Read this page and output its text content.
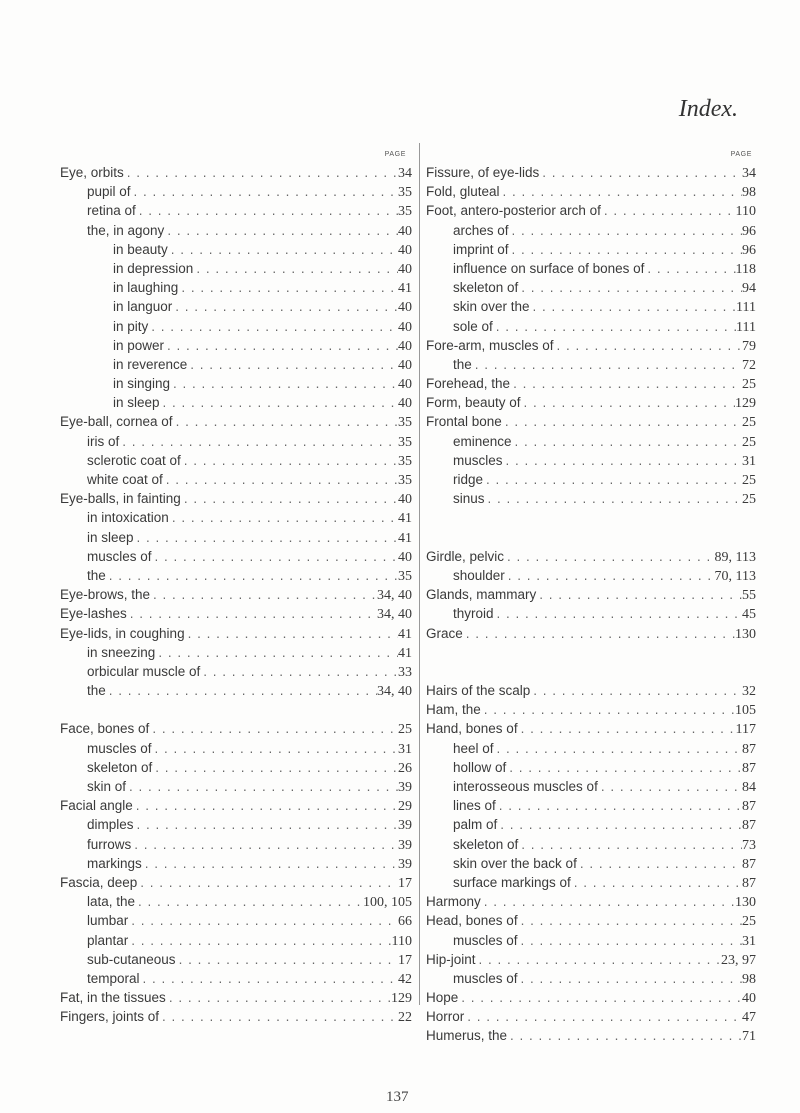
Index.
PAGE
Eye, orbits . . .	34
pupil of . . .	35
retina of . . .	35
the, in agony . . .	40
in beauty . . .	40
in depression . . .	40
in laughing . . .	41
in languor . . .	40
in pity . . .	40
in power . . .	40
in reverence . . .	40
in singing . . .	40
in sleep . . .	40
Eye-ball, cornea of . . .	35
iris of . . .	35
sclerotic coat of . . .	35
white coat of . . .	35
Eye-balls, in fainting . . .	40
in intoxication . . .	41
in sleep . . .	41
muscles of . . .	40
the . . .	35
Eye-brows, the . . .	34, 40
Eye-lashes . . .	34, 40
Eye-lids, in coughing . . .	41
in sneezing . . .	41
orbicular muscle of . . .	33
the . . .	34, 40
Face, bones of . . .	25
muscles of . . .	31
skeleton of . . .	26
skin of . . .	39
Facial angle . . .	29
dimples . . .	39
furrows . . .	39
markings . . .	39
Fascia, deep . . .	17
lata, the . . .	100, 105
lumbar . . .	66
plantar . . .	110
sub-cutaneous . . .	17
temporal . . .	42
Fat, in the tissues . . .	129
Fingers, joints of . . .	22
PAGE
Fissure, of eye-lids . . .	34
Fold, gluteal . . .	98
Foot, antero-posterior arch of . . .	110
arches of . . .	96
imprint of . . .	96
influence on surface of bones of . . .	118
skeleton of . . .	94
skin over the . . .	111
sole of . . .	111
Fore-arm, muscles of . . .	79
the . . .	72
Forehead, the . . .	25
Form, beauty of . . .	129
Frontal bone . . .	25
eminence . . .	25
muscles . . .	31
ridge . . .	25
sinus . . .	25
Girdle, pelvic . . .	89, 113
shoulder . . .	70, 113
Glands, mammary . . .	55
thyroid . . .	45
Grace . . .	130
Hairs of the scalp . . .	32
Ham, the . . .	105
Hand, bones of . . .	117
heel of . . .	87
hollow of . . .	87
interosseous muscles of . . .	84
lines of . . .	87
palm of . . .	87
skeleton of . . .	73
skin over the back of . . .	87
surface markings of . . .	87
Harmony . . .	130
Head, bones of . . .	25
muscles of . . .	31
Hip-joint . . .	23, 97
muscles of . . .	98
Hope . . .	40
Horror . . .	47
Humerus, the . . .	71
137
